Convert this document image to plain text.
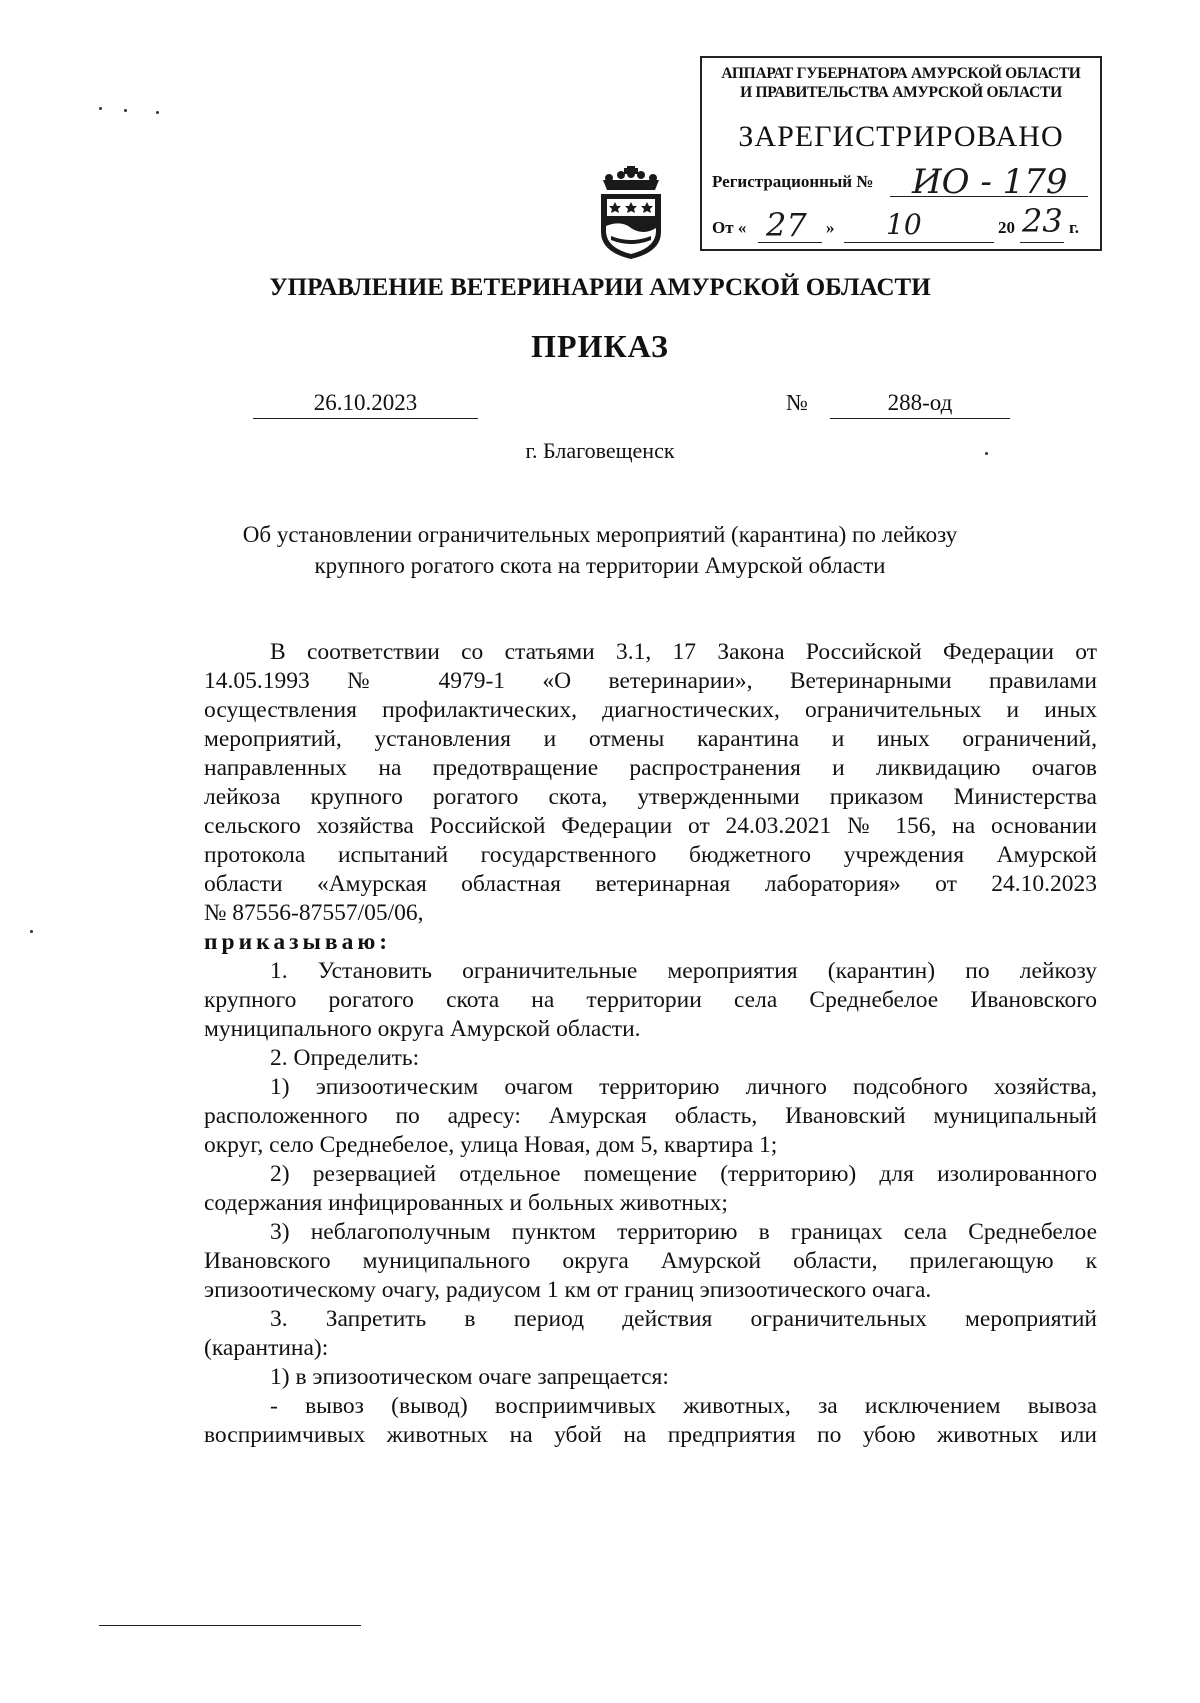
АППАРАТ ГУБЕРНАТОРА АМУРСКОЙ ОБЛАСТИ
И ПРАВИТЕЛЬСТВА АМУРСКОЙ ОБЛАСТИ
ЗАРЕГИСТРИРОВАНО
Регистрационный № ИО - 179
От « 27 » 10	20 23 г.
УПРАВЛЕНИЕ ВЕТЕРИНАРИИ АМУРСКОЙ ОБЛАСТИ
ПРИКАЗ
26.10.2023	№	288-од
г. Благовещенск
Об установлении ограничительных мероприятий (карантина) по лейкозу
крупного рогатого скота на территории Амурской области
В соответствии со статьями 3.1, 17 Закона Российской Федерации от
14.05.1993 № 4979-1 «О ветеринарии», Ветеринарными правилами
осуществления профилактических, диагностических, ограничительных и иных
мероприятий, установления и отмены карантина и иных ограничений,
направленных на предотвращение распространения и ликвидацию очагов
лейкоза крупного рогатого скота, утвержденными приказом Министерства
сельского хозяйства Российской Федерации от 24.03.2021 № 156, на основании
протокола испытаний государственного бюджетного учреждения Амурской
области «Амурская областная ветеринарная лаборатория» от 24.10.2023
№ 87556-87557/05/06,
приказываю:
1. Установить ограничительные мероприятия (карантин) по лейкозу
крупного рогатого скота на территории села Среднебелое Ивановского
муниципального округа Амурской области.
2. Определить:
1) эпизоотическим очагом территорию личного подсобного хозяйства,
расположенного по адресу: Амурская область, Ивановский муниципальный
округ, село Среднебелое, улица Новая, дом 5, квартира 1;
2) резервацией отдельное помещение (территорию) для изолированного
содержания инфицированных и больных животных;
3) неблагополучным пунктом территорию в границах села Среднебелое
Ивановского муниципального округа Амурской области, прилегающую к
эпизоотическому очагу, радиусом 1 км от границ эпизоотического очага.
3. Запретить в период действия ограничительных мероприятий
(карантина):
1) в эпизоотическом очаге запрещается:
- вывоз (вывод) восприимчивых животных, за исключением вывоза
восприимчивых животных на убой на предприятия по убою животных или
